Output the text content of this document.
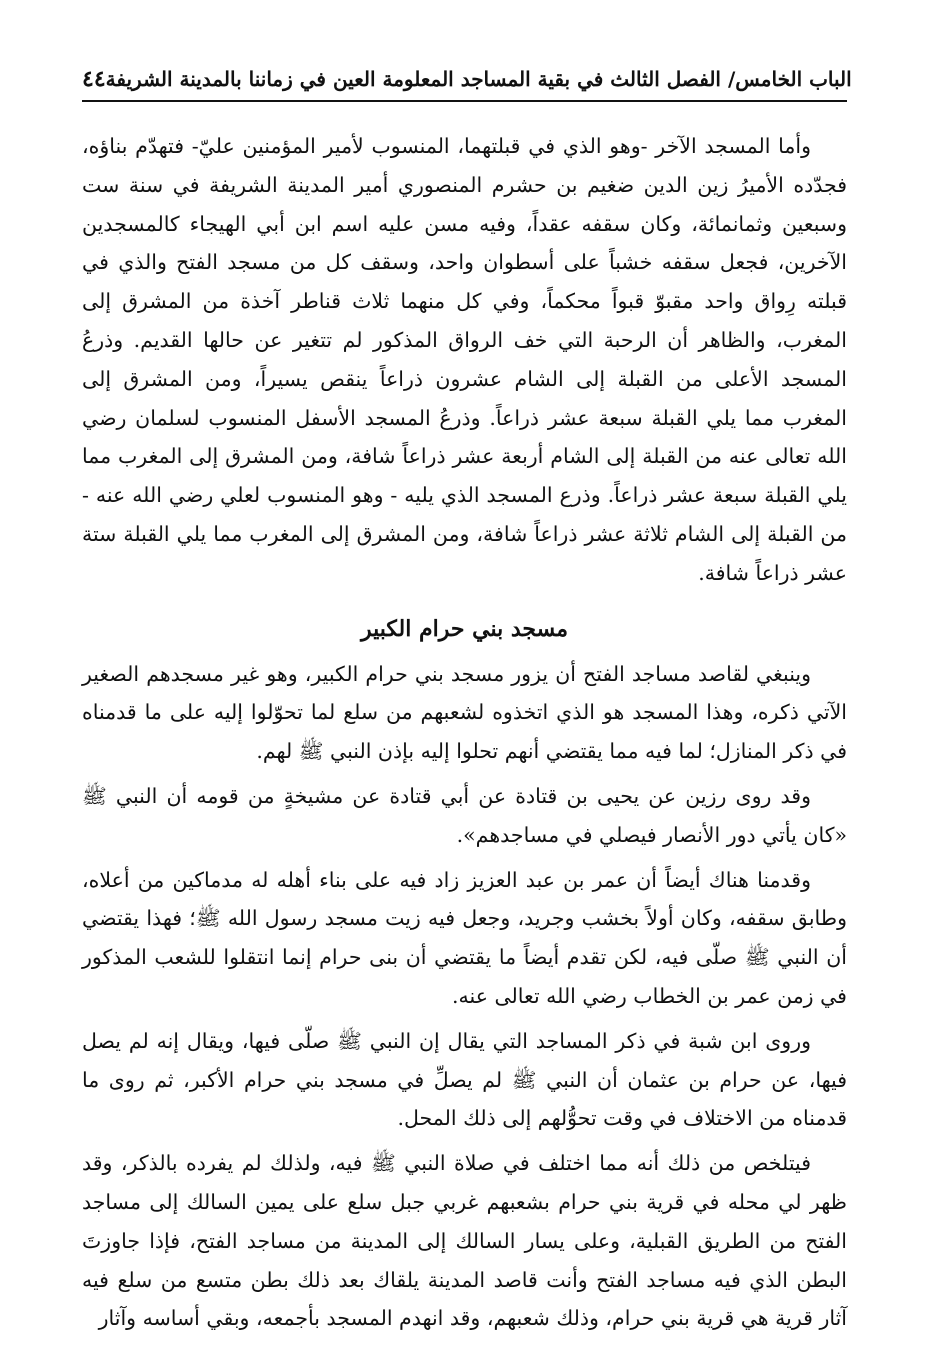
٤٤ الباب الخامس/ الفصل الثالث في بقية المساجد المعلومة العين في زماننا بالمدينة الشريفة

وأما المسجد الآخر -وهو الذي في قبلتهما، المنسوب لأمير المؤمنين عليّ- فتهدّم بناؤه، فجدّده الأميرُ زين الدين ضغيم بن حشرم المنصوري أمير المدينة الشريفة في سنة ست وسبعين وثمانمائة، وكان سقفه عقداً، وفيه مسن عليه اسم ابن أبي الهيجاء كالمسجدين الآخرين، فجعل سقفه خشباً على أسطوان واحد، وسقف كل من مسجد الفتح والذي في قبلته رِواق واحد مقبوّ قبواً محكماً، وفي كل منهما ثلاث قناطر آخذة من المشرق إلى المغرب، والظاهر أن الرحبة التي خف الرواق المذكور لم تتغير عن حالها القديم. وذرعُ المسجد الأعلى من القبلة إلى الشام عشرون ذراعاً ينقص يسيراً، ومن المشرق إلى المغرب مما يلي القبلة سبعة عشر ذراعاً. وذرعُ المسجد الأسفل المنسوب لسلمان رضي الله تعالى عنه من القبلة إلى الشام أربعة عشر ذراعاً شافة، ومن المشرق إلى المغرب مما يلي القبلة سبعة عشر ذراعاً. وذرع المسجد الذي يليه - وهو المنسوب لعلي رضي الله عنه - من القبلة إلى الشام ثلاثة عشر ذراعاً شافة، ومن المشرق إلى المغرب مما يلي القبلة ستة عشر ذراعاً شافة.

مسجد بني حرام الكبير

وينبغي لقاصد مساجد الفتح أن يزور مسجد بني حرام الكبير، وهو غير مسجدهم الصغير الآتي ذكره، وهذا المسجد هو الذي اتخذوه لشعبهم من سلع لما تحوّلوا إليه على ما قدمناه في ذكر المنازل؛ لما فيه مما يقتضي أنهم تحلوا إليه بإذن النبي ﷺ لهم.

وقد روى رزين عن يحيى بن قتادة عن أبي قتادة عن مشيخةٍ من قومه أن النبي ﷺ «كان يأتي دور الأنصار فيصلي في مساجدهم».

وقدمنا هناك أيضاً أن عمر بن عبد العزيز زاد فيه على بناء أهله له مدماكين من أعلاه، وطابق سقفه، وكان أولاً بخشب وجريد، وجعل فيه زيت مسجد رسول الله ﷺ؛ فهذا يقتضي أن النبي ﷺ صلّى فيه، لكن تقدم أيضاً ما يقتضي أن بنى حرام إنما انتقلوا للشعب المذكور في زمن عمر بن الخطاب رضي الله تعالى عنه.

وروى ابن شبة في ذكر المساجد التي يقال إن النبي ﷺ صلّى فيها، ويقال إنه لم يصل فيها، عن حرام بن عثمان أن النبي ﷺ لم يصلِّ في مسجد بني حرام الأكبر، ثم روى ما قدمناه من الاختلاف في وقت تحوُّلهم إلى ذلك المحل.

فيتلخص من ذلك أنه مما اختلف في صلاة النبي ﷺ فيه، ولذلك لم يفرده بالذكر، وقد ظهر لي محله في قرية بني حرام بشعبهم غربي جبل سلع على يمين السالك إلى مساجد الفتح من الطريق القبلية، وعلى يسار السالك إلى المدينة من مساجد الفتح، فإذا جاوزتَ البطن الذي فيه مساجد الفتح وأنت قاصد المدينة يلقاك بعد ذلك بطن متسع من سلع فيه آثار قرية هي قرية بني حرام، وذلك شعبهم، وقد انهدم المسجد بأجمعه، وبقي أساسه وآثار
